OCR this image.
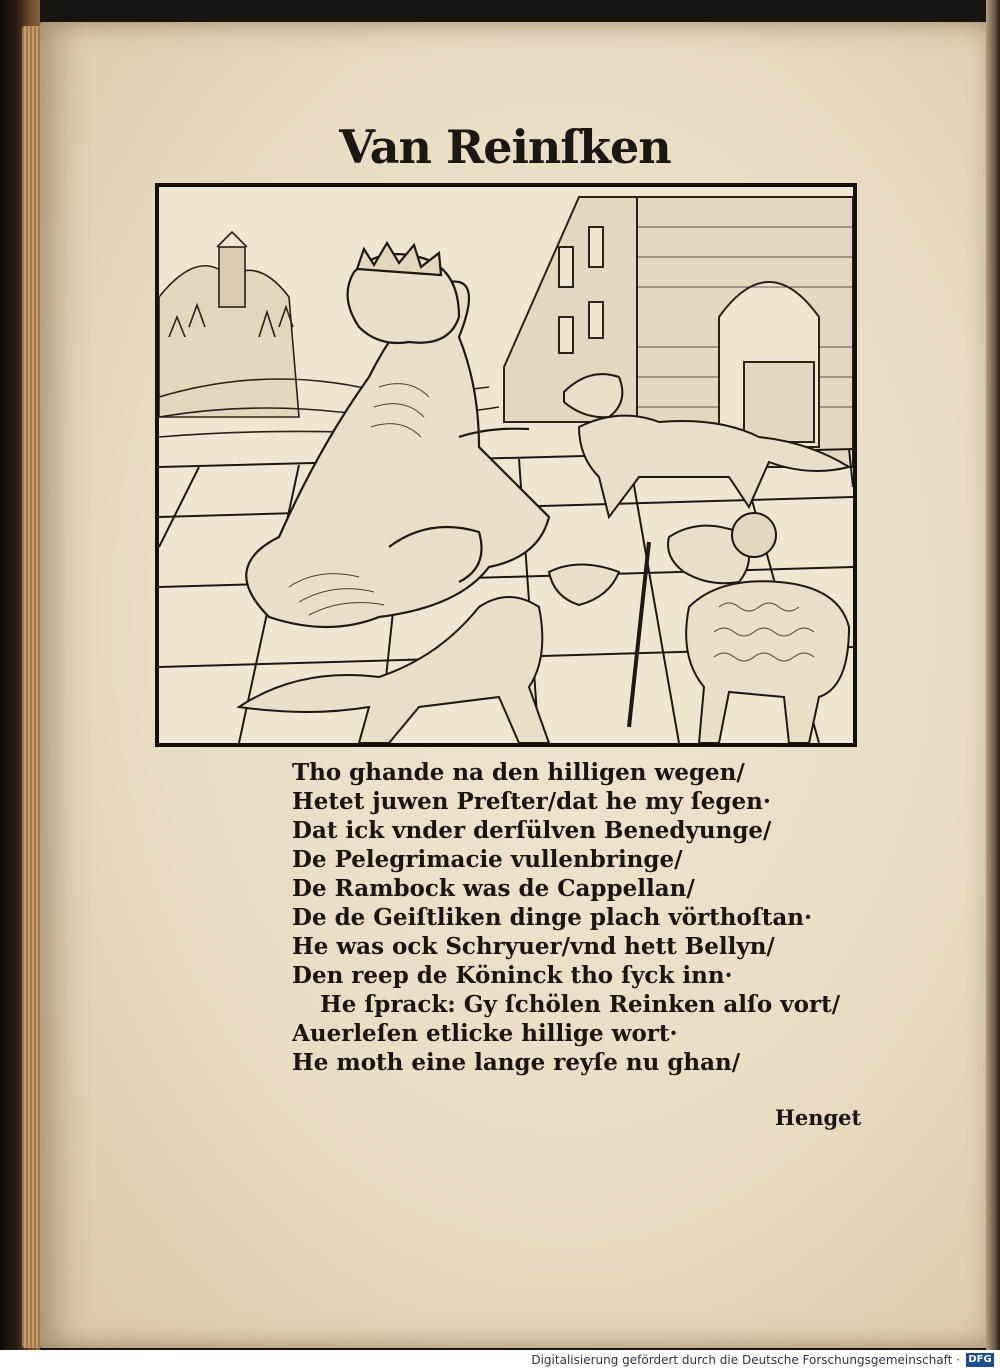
Van Reinſken
Tho ghande na den hilligen wegen/
Hetet juwen Preſter/dat he my ſegen·
Dat ick vnder derſülven Benedyunge/
De Pelegrimacie vullenbringe/
De Rambock was de Cappellan/
De de Geiſtliken dinge plach vörthoſtan·
He was ock Schryuer/vnd hett Bellyn/
Den reep de Köninck tho ſyck inn·
He ſprack: Gy ſchölen Reinken alſo vort/
Auerleſen etlicke hillige wort·
He moth eine lange reyſe nu ghan/
Henget
Digitalisierung gefördert durch die Deutsche Forschungsgemeinschaft · DFG
